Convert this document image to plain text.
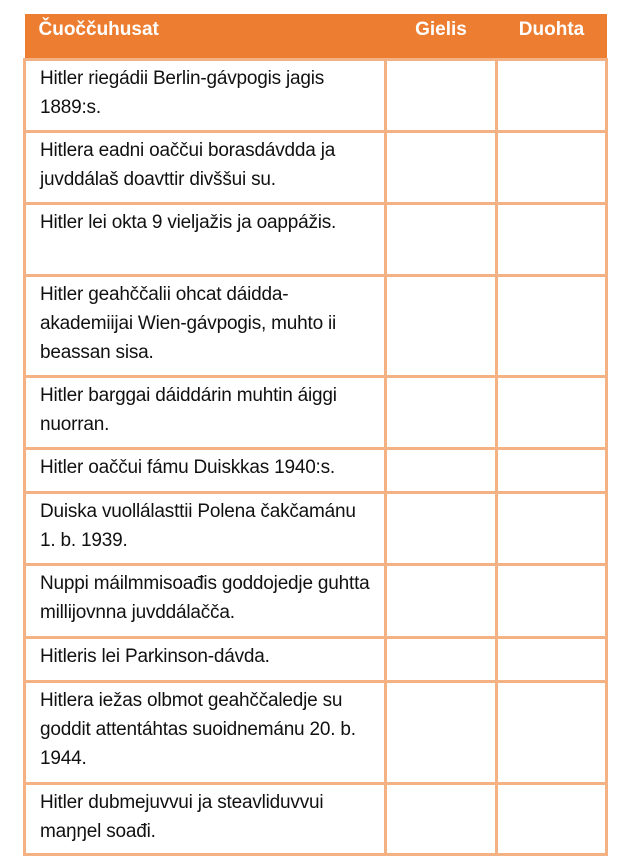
Čuoččuhusat	Gielis	Duohta
Hitler riegádii Berlin-gávpogis jagis 1889:s.		
Hitlera eadni oaččui borasdávdda ja juvddálaš doavttir divššui su.		
Hitler lei okta 9 vieljažis ja oappážis.		
Hitler geahččalii ohcat dáidda-akademiijai Wien-gávpogis, muhto ii beassan sisa.		
Hitler barggai dáiddárin muhtin áiggi nuorran.		
Hitler oaččui fámu Duiskkas 1940:s.		
Duiska vuollálasttii Polena čakčamánu 1. b. 1939.		
Nuppi máilmmisoađis goddojedje guhtta millijovnna juvddálačča.		
Hitleris lei Parkinson-dávda.		
Hitlera iežas olbmot geahččaledje su goddit attentáhtas suoidnemánu 20. b. 1944.		
Hitler dubmejuvvui ja steavliduvvui maŋŋel soađi.		
